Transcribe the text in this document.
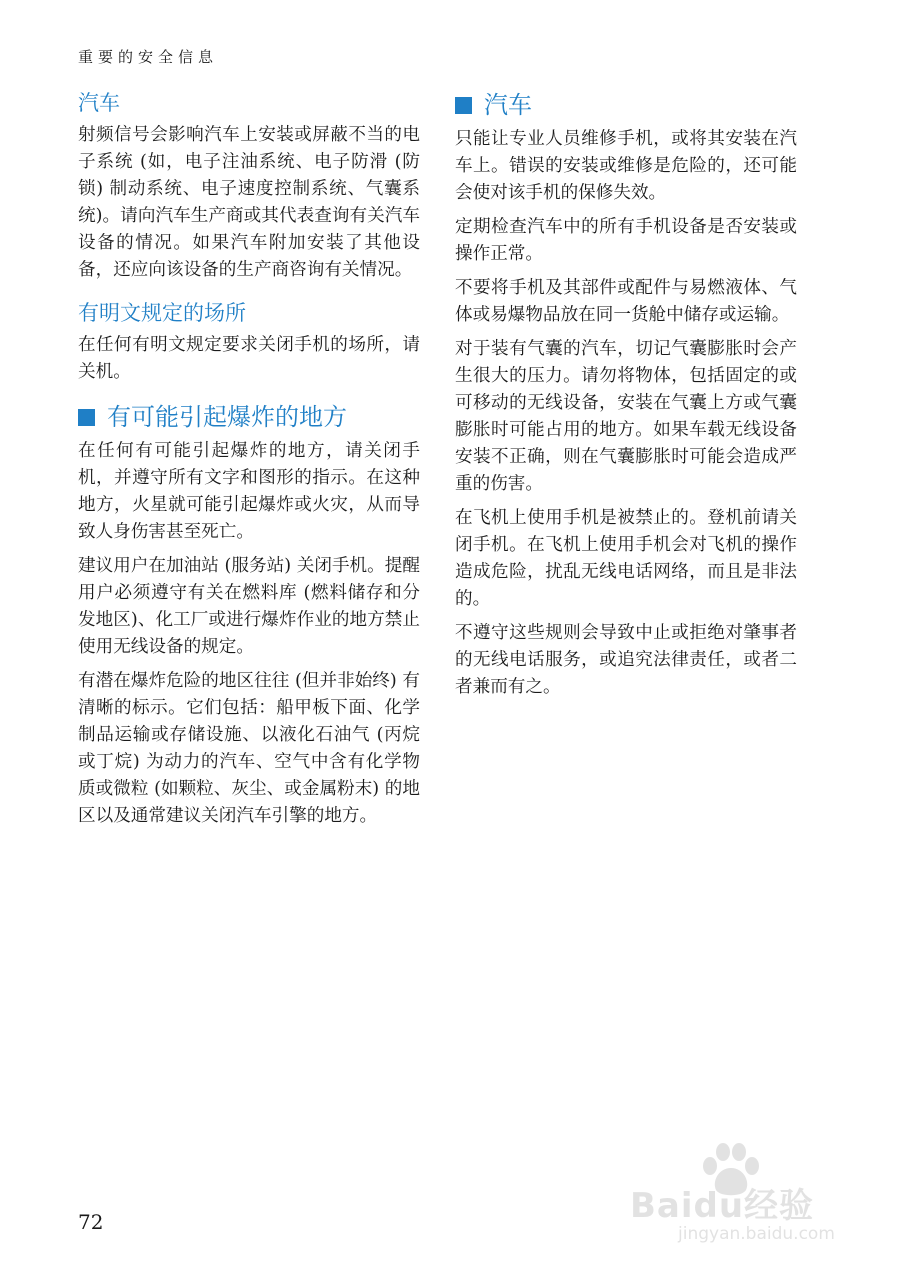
重要的安全信息
汽车

射频信号会影响汽车上安装或屏蔽不当的电子系统 (如，电子注油系统、电子防滑 (防锁) 制动系统、电子速度控制系统、气囊系统)。请向汽车生产商或其代表查询有关汽车设备的情况。如果汽车附加安装了其他设备，还应向该设备的生产商咨询有关情况。

有明文规定的场所

在任何有明文规定要求关闭手机的场所，请关机。

有可能引起爆炸的地方

在任何有可能引起爆炸的地方，请关闭手机，并遵守所有文字和图形的指示。在这种地方，火星就可能引起爆炸或火灾，从而导致人身伤害甚至死亡。

建议用户在加油站 (服务站) 关闭手机。提醒用户必须遵守有关在燃料库 (燃料储存和分发地区)、化工厂或进行爆炸作业的地方禁止使用无线设备的规定。

有潜在爆炸危险的地区往往 (但并非始终) 有清晰的标示。它们包括：船甲板下面、化学制品运输或存储设施、以液化石油气 (丙烷或丁烷) 为动力的汽车、空气中含有化学物质或微粒 (如颗粒、灰尘、或金属粉末) 的地区以及通常建议关闭汽车引擎的地方。

汽车

只能让专业人员维修手机，或将其安装在汽车上。错误的安装或维修是危险的，还可能会使对该手机的保修失效。

定期检查汽车中的所有手机设备是否安装或操作正常。

不要将手机及其部件或配件与易燃液体、气体或易爆物品放在同一货舱中储存或运输。

对于装有气囊的汽车，切记气囊膨胀时会产生很大的压力。请勿将物体，包括固定的或可移动的无线设备，安装在气囊上方或气囊膨胀时可能占用的地方。如果车载无线设备安装不正确，则在气囊膨胀时可能会造成严重的伤害。

在飞机上使用手机是被禁止的。登机前请关闭手机。在飞机上使用手机会对飞机的操作造成危险，扰乱无线电话网络，而且是非法的。

不遵守这些规则会导致中止或拒绝对肇事者的无线电话服务，或追究法律责任，或者二者兼而有之。

72	Baidu经验
jingyan.baidu.com
